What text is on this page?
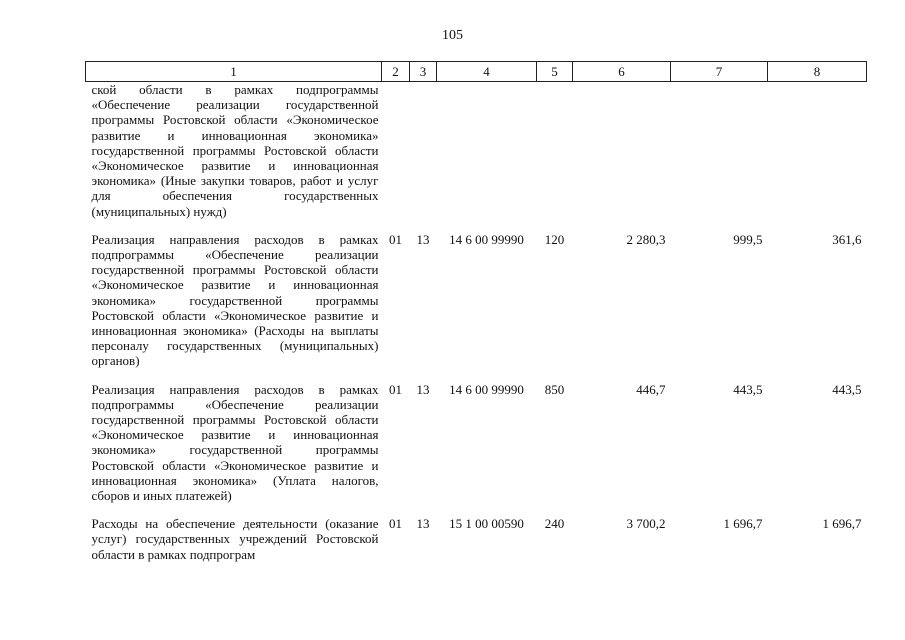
105
1	2	3	4	5	6	7	8
ской области в рамках подпрограммы «Обеспечение реализации государственной программы Ростовской области «Экономическое развитие и инновационная экономика» государственной программы Ростовской области «Экономическое развитие и инновационная экономика» (Иные закупки товаров, работ и услуг для обеспечения государственных (муниципальных) нужд)							
Реализация направления расходов в рамках подпрограммы «Обеспечение реализации государственной программы Ростовской области «Экономическое развитие и инновационная экономика» государственной программы Ростовской области «Экономическое развитие и инновационная экономика» (Расходы на выплаты персоналу государственных (муниципальных) органов)	01	13	14 6 00 99990	120	2 280,3	999,5	361,6
Реализация направления расходов в рамках подпрограммы «Обеспечение реализации государственной программы Ростовской области «Экономическое развитие и инновационная экономика» государственной программы Ростовской области «Экономическое развитие и инновационная экономика» (Уплата налогов, сборов и иных платежей)	01	13	14 6 00 99990	850	446,7	443,5	443,5
Расходы на обеспечение деятельности (оказание услуг) государственных учреждений Ростовской области в рамках подпрограм	01	13	15 1 00 00590	240	3 700,2	1 696,7	1 696,7
